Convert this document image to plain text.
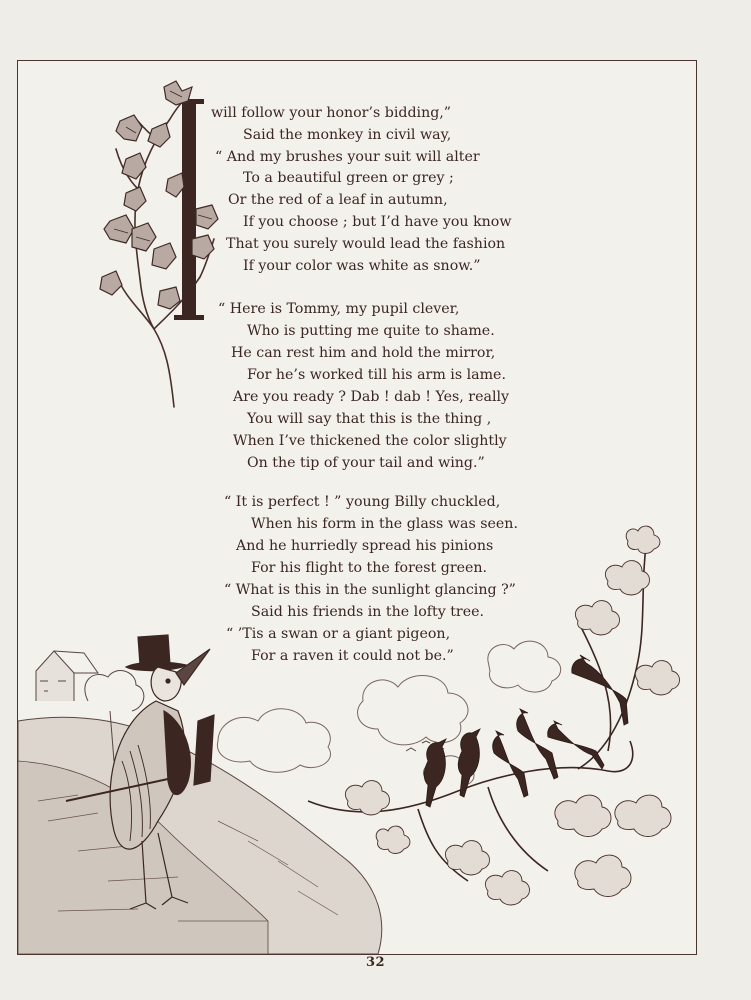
will follow your honor’s bidding,”
Said the monkey in civil way,
“ And my brushes your suit will alter
To a beautiful green or grey ;
Or the red of a leaf in autumn,
If you choose ; but I’d have you know
That you surely would lead the fashion
If your color was white as snow.”
“ Here is Tommy, my pupil clever,
Who is putting me quite to shame.
He can rest him and hold the mirror,
For he’s worked till his arm is lame.
Are you ready ? Dab ! dab ! Yes, really
You will say that this is the thing ,
When I’ve thickened the color slightly
On the tip of your tail and wing.”
“ It is perfect ! ” young Billy chuckled,
When his form in the glass was seen.
And he hurriedly spread his pinions
For his flight to the forest green.
“ What is this in the sunlight glancing ?”
Said his friends in the lofty tree.
“ ’Tis a swan or a giant pigeon,
For a raven it could not be.”
32
